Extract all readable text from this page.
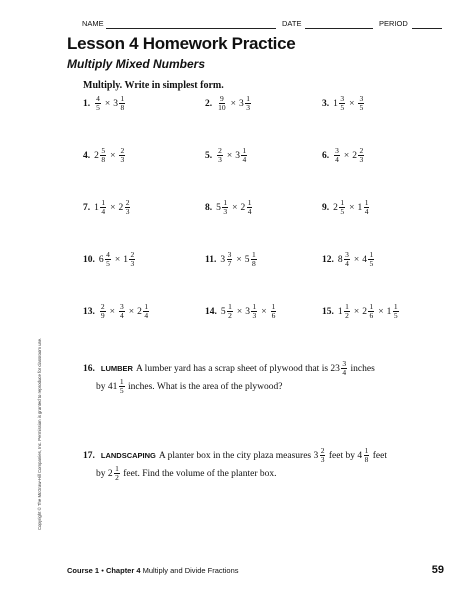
NAME	DATE	PERIOD
Lesson 4 Homework Practice
Multiply Mixed Numbers
Multiply. Write in simplest form.
1. $\frac{4}{5} \times 3 \frac{1}{8}$	2. $\frac{9}{10} \times 3 \frac{1}{3}$	3. $1 \frac{3}{5} \times \frac{3}{5}$
4. $2 \frac{5}{8} \times \frac{2}{3}$	5. $\frac{2}{3} \times 3 \frac{1}{4}$	6. $\frac{3}{4} \times 2 \frac{2}{3}$
7. $1 \frac{1}{4} \times 2 \frac{2}{3}$	8. $5 \frac{1}{3} \times 2 \frac{1}{4}$	9. $2 \frac{1}{5} \times 1 \frac{1}{4}$
10. $6 \frac{4}{5} \times 1 \frac{2}{3}$	11. $3 \frac{3}{7} \times 5 \frac{1}{8}$	12. $8 \frac{3}{4} \times 4 \frac{1}{5}$
13. $\frac{2}{9} \times \frac{3}{4} \times 2 \frac{1}{4}$	14. $5 \frac{1}{2} \times 3 \frac{1}{3} \times \frac{1}{6}$	15. $1 \frac{1}{2} \times 2 \frac{1}{6} \times 1 \frac{1}{5}$
16. LUMBER A lumber yard has a scrap sheet of plywood that is $23 \frac{3}{4}$ inches
by $41 \frac{1}{5}$ inches. What is the area of the plywood?
17. LANDSCAPING A planter box in the city plaza measures $3 \frac{2}{3}$ feet by $4 \frac{1}{8}$ feet
by $2 \frac{1}{2}$ feet. Find the volume of the planter box.
Copyright © The McGraw-Hill Companies, Inc. Permission is granted to reproduce for classroom use.
Course 1 • Chapter 4 Multiply and Divide Fractions	59
